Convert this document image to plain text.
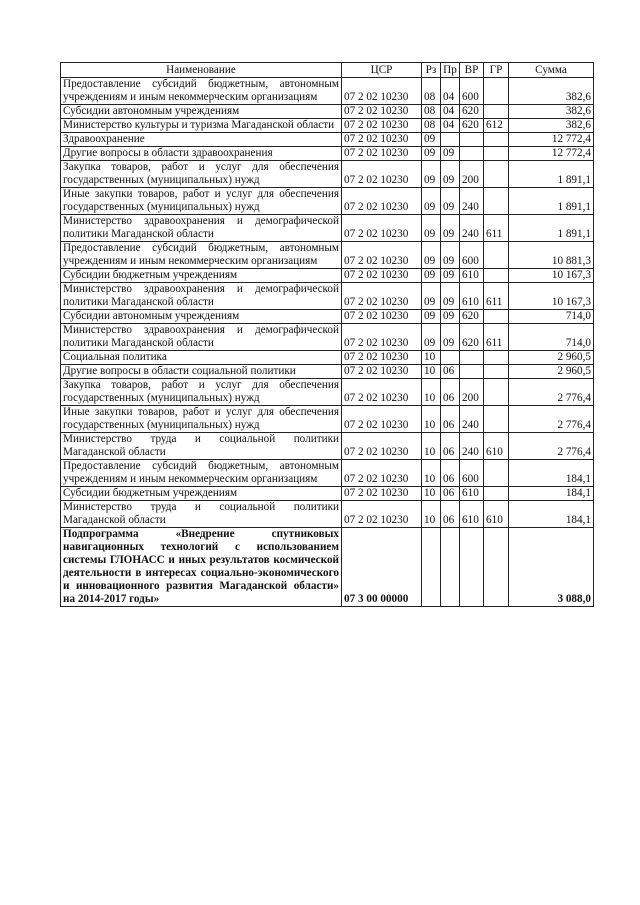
Наименование	ЦСР	Рз	Пр	ВР	ГР	Сумма
Предоставление субсидий бюджетным, автономным учреждениям и иным некоммерческим организациям	07 2 02 10230	08	04	600		382,6
Субсидии автономным учреждениям	07 2 02 10230	08	04	620		382,6
Министерство культуры и туризма Магаданской области	07 2 02 10230	08	04	620	612	382,6
Здравоохранение	07 2 02 10230	09				12 772,4
Другие вопросы в области здравоохранения	07 2 02 10230	09	09			12 772,4
Закупка товаров, работ и услуг для обеспечения государственных (муниципальных) нужд	07 2 02 10230	09	09	200		1 891,1
Иные закупки товаров, работ и услуг для обеспечения государственных (муниципальных) нужд	07 2 02 10230	09	09	240		1 891,1
Министерство здравоохранения и демографической политики Магаданской области	07 2 02 10230	09	09	240	611	1 891,1
Предоставление субсидий бюджетным, автономным учреждениям и иным некоммерческим организациям	07 2 02 10230	09	09	600		10 881,3
Субсидии бюджетным учреждениям	07 2 02 10230	09	09	610		10 167,3
Министерство здравоохранения и демографической политики Магаданской области	07 2 02 10230	09	09	610	611	10 167,3
Субсидии автономным учреждениям	07 2 02 10230	09	09	620		714,0
Министерство здравоохранения и демографической политики Магаданской области	07 2 02 10230	09	09	620	611	714,0
Социальная политика	07 2 02 10230	10				2 960,5
Другие вопросы в области социальной политики	07 2 02 10230	10	06			2 960,5
Закупка товаров, работ и услуг для обеспечения государственных (муниципальных) нужд	07 2 02 10230	10	06	200		2 776,4
Иные закупки товаров, работ и услуг для обеспечения государственных (муниципальных) нужд	07 2 02 10230	10	06	240		2 776,4
Министерство труда и социальной политики Магаданской области	07 2 02 10230	10	06	240	610	2 776,4
Предоставление субсидий бюджетным, автономным учреждениям и иным некоммерческим организациям	07 2 02 10230	10	06	600		184,1
Субсидии бюджетным учреждениям	07 2 02 10230	10	06	610		184,1
Министерство труда и социальной политики Магаданской области	07 2 02 10230	10	06	610	610	184,1
Подпрограмма «Внедрение спутниковых навигационных технологий с использованием системы ГЛОНАСС и иных результатов космической деятельности в интересах социально-экономического и инновационного развития Магаданской области» на 2014-2017 годы»	07 3 00 00000					3 088,0
